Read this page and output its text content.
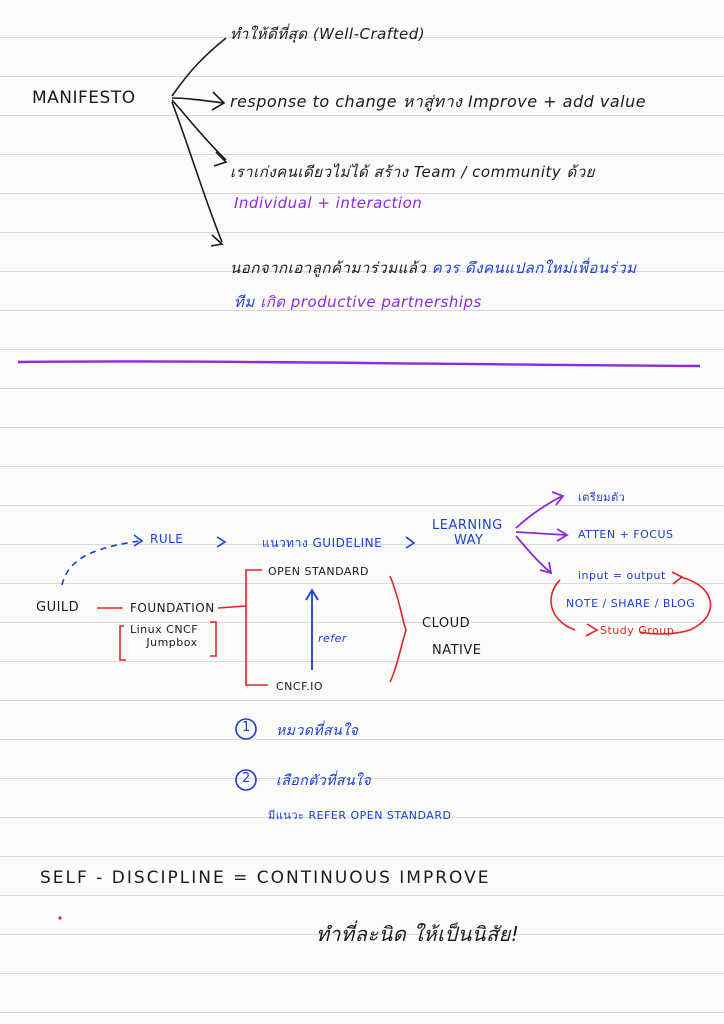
MANIFESTO
ทำให้ดีที่สุด (Well-Crafted)
response to change หาสู่ทาง Improve + add value
เราเก่งคนเดียวไม่ได้ สร้าง Team / community ด้วย
Individual + interaction
นอกจากเอาลูกค้ามาร่วมแล้ว ควร ดึงคนแปลกใหม่เพื่อนร่วม
ทีม เกิด productive partnerships
RULE	แนวทาง GUIDELINE
LEARNING
WAY
เตรียมตัว
ATTEN + FOCUS
input = output
NOTE / SHARE / BLOG
Study Group
GUILD	FOUNDATION
Linux CNCF
Jumpbox
OPEN STANDARD
refer
CNCF.IO
CLOUD
NATIVE
1 หมวดที่สนใจ
2 เลือกตัวที่สนใจ
มีแนวะ REFER OPEN STANDARD
SELF - DISCIPLINE = CONTINUOUS IMPROVE
ทำที่ละนิด ให้เป็นนิสัย!
